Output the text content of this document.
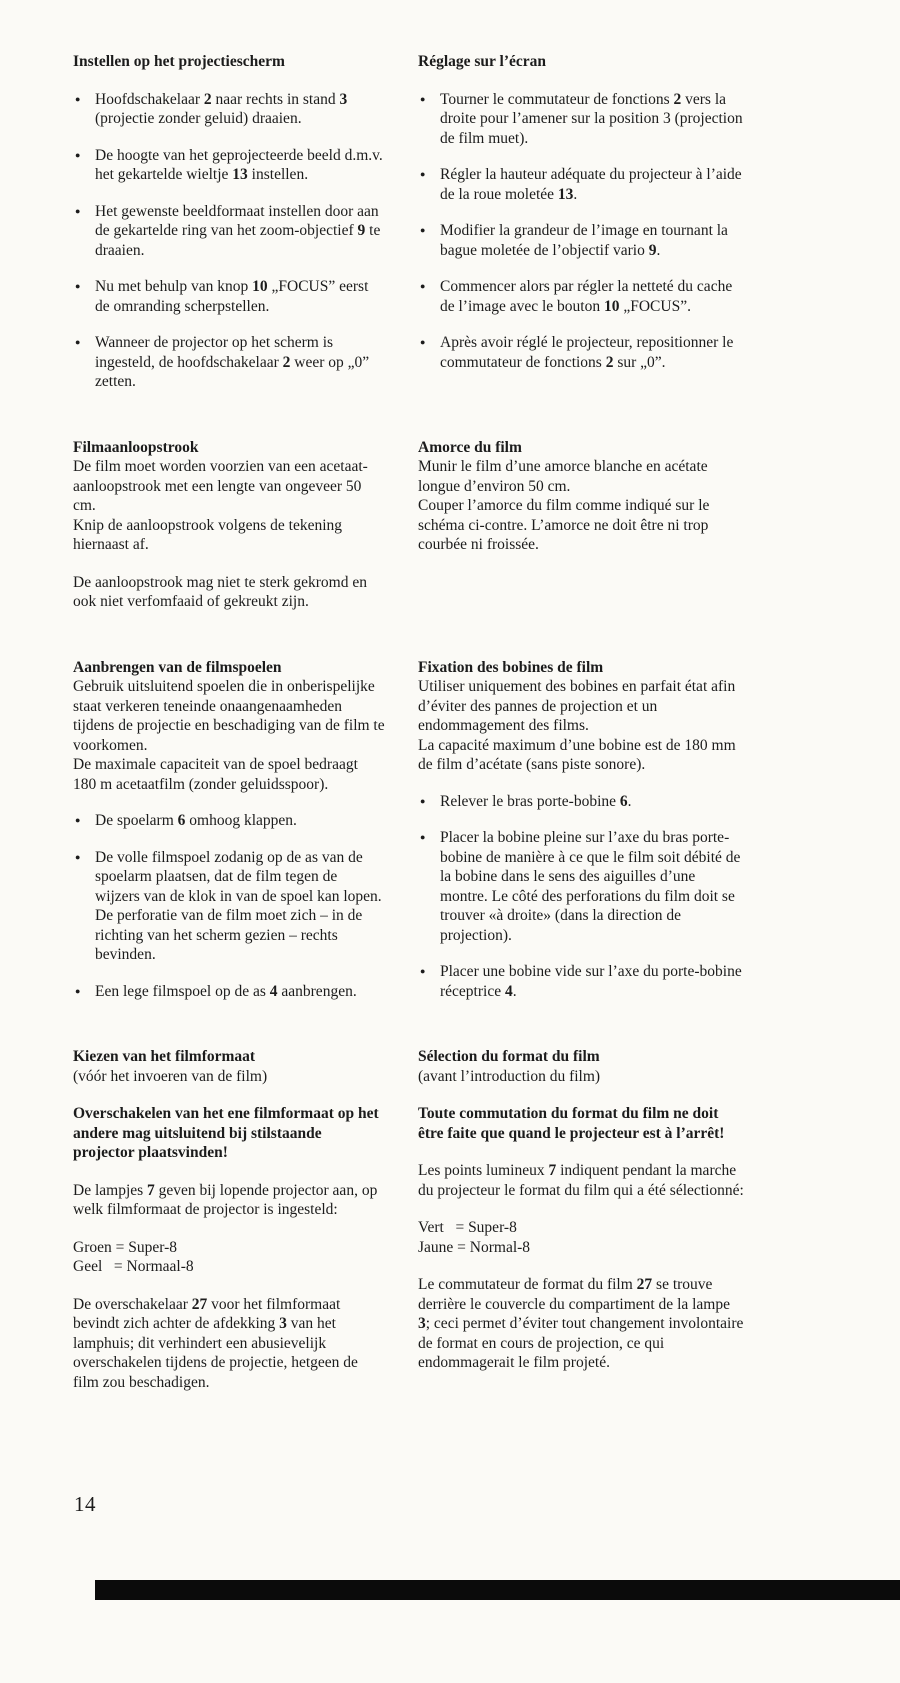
Instellen op het projectiescherm
● Hoofdschakelaar 2 naar rechts in stand 3 (projectie zonder geluid) draaien.
● De hoogte van het geprojecteerde beeld d.m.v. het gekartelde wieltje 13 instellen.
● Het gewenste beeldformaat instellen door aan de gekartelde ring van het zoom-objectief 9 te draaien.
● Nu met behulp van knop 10 „FOCUS” eerst de omranding scherpstellen.
● Wanneer de projector op het scherm is ingesteld, de hoofdschakelaar 2 weer op „0” zetten.
Réglage sur l’écran
● Tourner le commutateur de fonctions 2 vers la droite pour l’amener sur la position 3 (projection de film muet).
● Régler la hauteur adéquate du projecteur à l’aide de la roue moletée 13.
● Modifier la grandeur de l’image en tournant la bague moletée de l’objectif vario 9.
● Commencer alors par régler la netteté du cache de l’image avec le bouton 10 „FOCUS”.
● Après avoir réglé le projecteur, repositionner le commutateur de fonctions 2 sur „0”.
Filmaanloopstrook
De film moet worden voorzien van een acetaat-aanloopstrook met een lengte van ongeveer 50 cm.
Knip de aanloopstrook volgens de tekening hiernaast af.
De aanloopstrook mag niet te sterk gekromd en ook niet verfomfaaid of gekreukt zijn.
Amorce du film
Munir le film d’une amorce blanche en acétate longue d’environ 50 cm.
Couper l’amorce du film comme indiqué sur le schéma ci-contre. L’amorce ne doit être ni trop courbée ni froissée.
Aanbrengen van de filmspoelen
Gebruik uitsluitend spoelen die in onberispelijke staat verkeren teneinde onaangenaamheden tijdens de projectie en beschadiging van de film te voorkomen.
De maximale capaciteit van de spoel bedraagt 180 m acetaatfilm (zonder geluidsspoor).
● De spoelarm 6 omhoog klappen.
● De volle filmspoel zodanig op de as van de spoelarm plaatsen, dat de film tegen de wijzers van de klok in van de spoel kan lopen. De perforatie van de film moet zich – in de richting van het scherm gezien – rechts bevinden.
● Een lege filmspoel op de as 4 aanbrengen.
Fixation des bobines de film
Utiliser uniquement des bobines en parfait état afin d’éviter des pannes de projection et un endommagement des films.
La capacité maximum d’une bobine est de 180 mm de film d’acétate (sans piste sonore).
● Relever le bras porte-bobine 6.
● Placer la bobine pleine sur l’axe du bras porte-bobine de manière à ce que le film soit débité de la bobine dans le sens des aiguilles d’une montre. Le côté des perforations du film doit se trouver «à droite» (dans la direction de projection).
● Placer une bobine vide sur l’axe du porte-bobine réceptrice 4.
Kiezen van het filmformaat
(vóór het invoeren van de film)
Overschakelen van het ene filmformaat op het andere mag uitsluitend bij stilstaande projector plaatsvinden!
De lampjes 7 geven bij lopende projector aan, op welk filmformaat de projector is ingesteld:
Groen = Super-8
Geel   = Normaal-8
De overschakelaar 27 voor het filmformaat bevindt zich achter de afdekking 3 van het lamphuis; dit verhindert een abusievelijk overschakelen tijdens de projectie, hetgeen de film zou beschadigen.
Sélection du format du film
(avant l’introduction du film)
Toute commutation du format du film ne doit être faite que quand le projecteur est à l’arrêt!
Les points lumineux 7 indiquent pendant la marche du projecteur le format du film qui a été sélectionné:
Vert   = Super-8
Jaune = Normal-8
Le commutateur de format du film 27 se trouve derrière le couvercle du compartiment de la lampe 3; ceci permet d’éviter tout changement involontaire de format en cours de projection, ce qui endommagerait le film projeté.
14
